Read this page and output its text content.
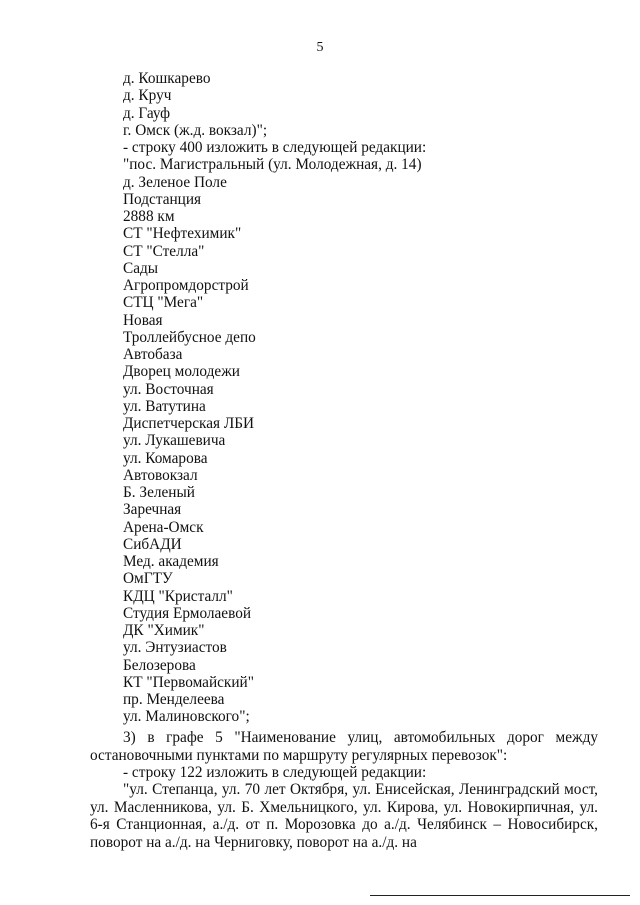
5
д. Кошкарево
д. Круч
д. Гауф
г. Омск (ж.д. вокзал)";
- строку 400 изложить в следующей редакции:
"пос. Магистральный (ул. Молодежная, д. 14)
д. Зеленое Поле
Подстанция
2888 км
СТ "Нефтехимик"
СТ "Стелла"
Сады
Агропромдорстрой
СТЦ "Мега"
Новая
Троллейбусное депо
Автобаза
Дворец молодежи
ул. Восточная
ул. Ватутина
Диспетчерская ЛБИ
ул. Лукашевича
ул. Комарова
Автовокзал
Б. Зеленый
Заречная
Арена-Омск
СибАДИ
Мед. академия
ОмГТУ
КДЦ "Кристалл"
Студия Ермолаевой
ДК "Химик"
ул. Энтузиастов
Белозерова
КТ "Первомайский"
пр. Менделеева
ул. Малиновского";
3) в графе 5 "Наименование улиц, автомобильных дорог между остановочными пунктами по маршруту регулярных перевозок":
- строку 122 изложить в следующей редакции:
"ул. Степанца, ул. 70 лет Октября, ул. Енисейская, Ленинградский мост, ул. Масленникова, ул. Б. Хмельницкого, ул. Кирова, ул. Новокирпичная, ул. 6-я Станционная, а./д. от п. Морозовка до а./д. Челябинск – Новосибирск, поворот на а./д. на Черниговку, поворот на а./д. на
